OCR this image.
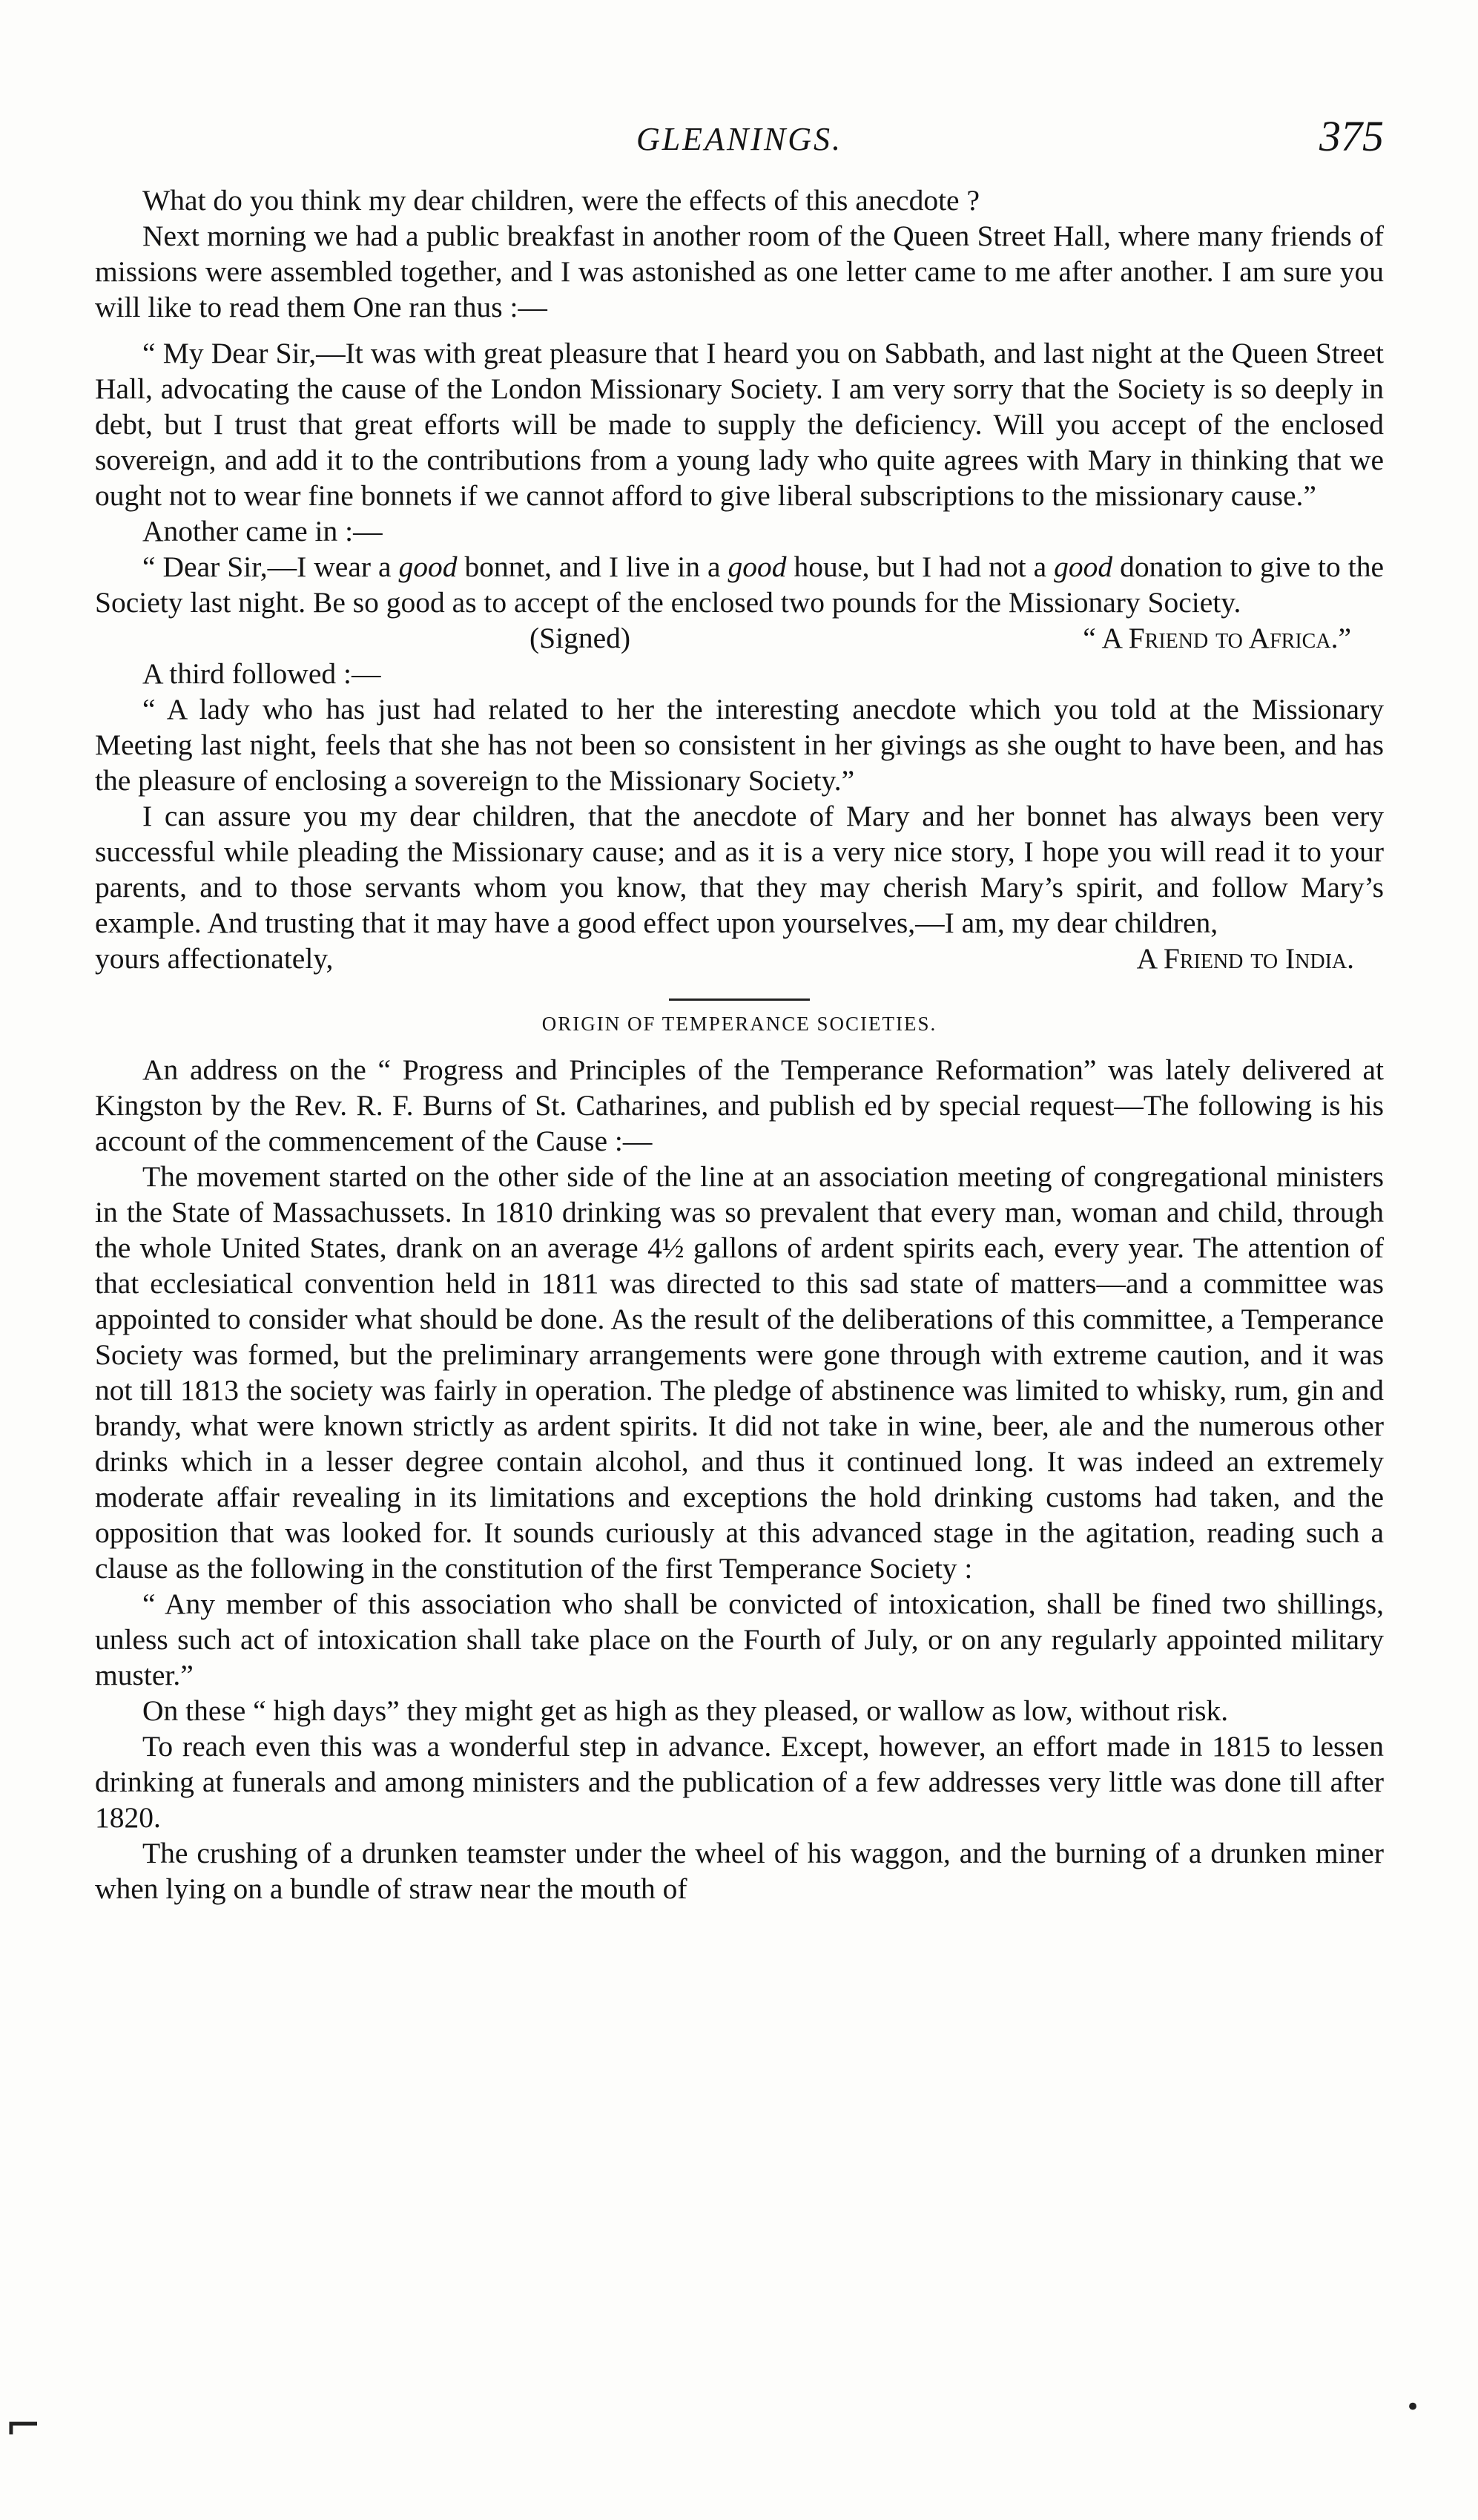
GLEANINGS.	375

What do you think my dear children, were the effects of this anecdote ?

Next morning we had a public breakfast in another room of the Queen Street Hall, where many friends of missions were assembled together, and I was astonished as one letter came to me after another. I am sure you will like to read them One ran thus :—

“ My Dear Sir,—It was with great pleasure that I heard you on Sabbath, and last night at the Queen Street Hall, advocating the cause of the London Missionary Society. I am very sorry that the Society is so deeply in debt, but I trust that great efforts will be made to supply the deficiency. Will you accept of the enclosed sovereign, and add it to the contributions from a young lady who quite agrees with Mary in thinking that we ought not to wear fine bonnets if we cannot afford to give liberal subscriptions to the missionary cause.”

Another came in :—

“ Dear Sir,—I wear a good bonnet, and I live in a good house, but I had not a good donation to give to the Society last night. Be so good as to accept of the enclosed two pounds for the Missionary Society.

(Signed)	“ A Friend to Africa.”

A third followed :—

“ A lady who has just had related to her the interesting anecdote which you told at the Missionary Meeting last night, feels that she has not been so consistent in her givings as she ought to have been, and has the pleasure of enclosing a sovereign to the Missionary Society.”

I can assure you my dear children, that the anecdote of Mary and her bonnet has always been very successful while pleading the Missionary cause; and as it is a very nice story, I hope you will read it to your parents, and to those servants whom you know, that they may cherish Mary’s spirit, and follow Mary’s example. And trusting that it may have a good effect upon yourselves,—I am, my dear children,

yours affectionately,	A Friend to India.
ORIGIN OF TEMPERANCE SOCIETIES.

An address on the “ Progress and Principles of the Temperance Reformation” was lately delivered at Kingston by the Rev. R. F. Burns of St. Catharines, and publish ed by special request—The following is his account of the commencement of the Cause :—

The movement started on the other side of the line at an association meeting of congregational ministers in the State of Massachussets. In 1810 drinking was so prevalent that every man, woman and child, through the whole United States, drank on an average 4½ gallons of ardent spirits each, every year. The attention of that ecclesiatical convention held in 1811 was directed to this sad state of matters—and a committee was appointed to consider what should be done. As the result of the deliberations of this committee, a Temperance Society was formed, but the preliminary arrangements were gone through with extreme caution, and it was not till 1813 the society was fairly in operation. The pledge of abstinence was limited to whisky, rum, gin and brandy, what were known strictly as ardent spirits. It did not take in wine, beer, ale and the numerous other drinks which in a lesser degree contain alcohol, and thus it continued long. It was indeed an extremely moderate affair revealing in its limitations and exceptions the hold drinking customs had taken, and the opposition that was looked for. It sounds curiously at this advanced stage in the agitation, reading such a clause as the following in the constitution of the first Temperance Society :

“ Any member of this association who shall be convicted of intoxication, shall be fined two shillings, unless such act of intoxication shall take place on the Fourth of July, or on any regularly appointed military muster.”

On these “ high days” they might get as high as they pleased, or wallow as low, without risk.

To reach even this was a wonderful step in advance. Except, however, an effort made in 1815 to lessen drinking at funerals and among ministers and the publication of a few addresses very little was done till after 1820.

The crushing of a drunken teamster under the wheel of his waggon, and the burning of a drunken miner when lying on a bundle of straw near the mouth of

⌐	•
